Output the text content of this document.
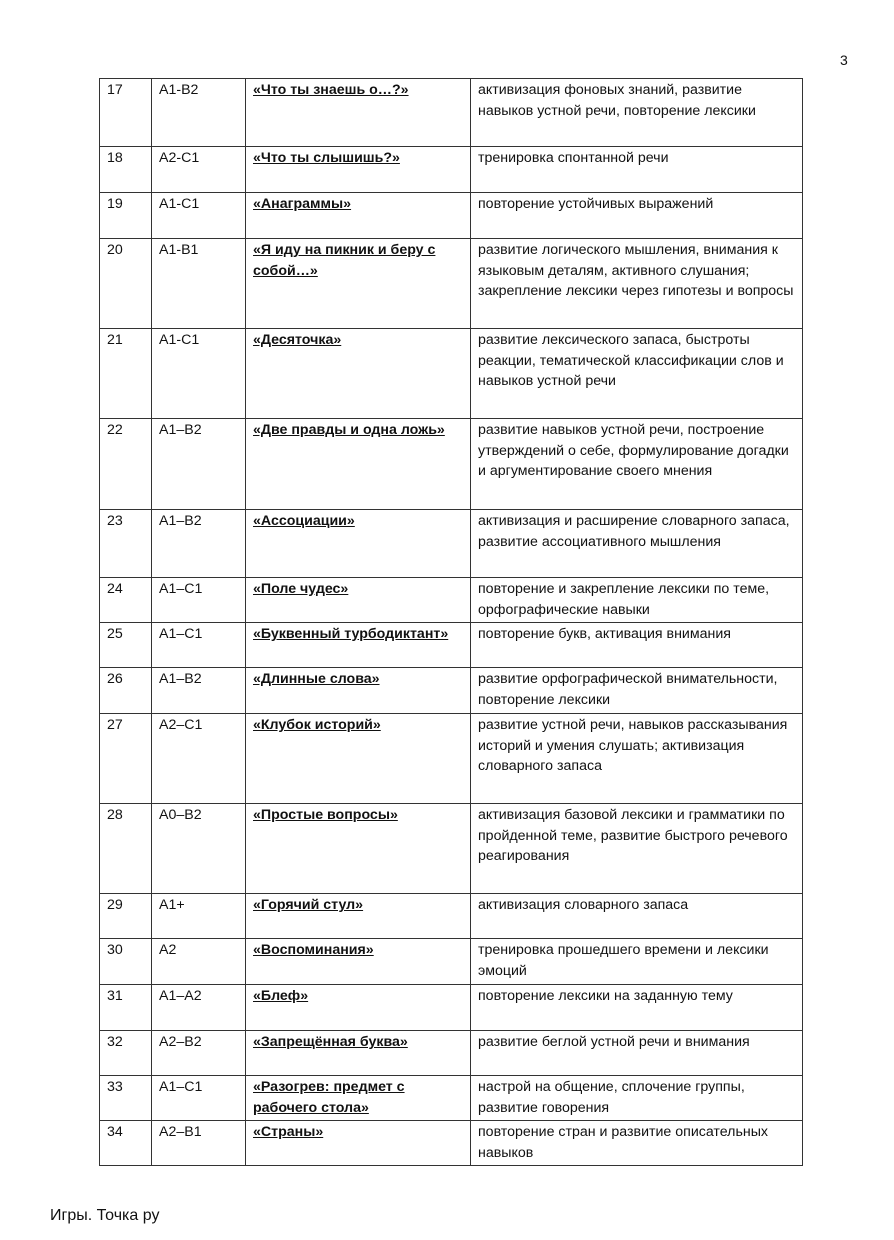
3
17	A1-B2	«Что ты знаешь о…?»	активизация фоновых знаний, развитие навыков устной речи, повторение лексики
18	A2-C1	«Что ты слышишь?»	тренировка спонтанной речи
19	A1-C1	«Анаграммы»	повторение устойчивых выражений
20	A1-B1	«Я иду на пикник и беру с собой…»	развитие логического мышления, внимания к языковым деталям, активного слушания; закрепление лексики через гипотезы и вопросы
21	A1-C1	«Десяточка»	развитие лексического запаса, быстроты реакции, тематической классификации слов и навыков устной речи
22	A1–B2	«Две правды и одна ложь»	развитие навыков устной речи, построение утверждений о себе, формулирование догадки и аргументирование своего мнения
23	A1–B2	«Ассоциации»	активизация и расширение словарного запаса, развитие ассоциативного мышления
24	A1–C1	«Поле чудес»	повторение и закрепление лексики по теме, орфографические навыки
25	A1–C1	«Буквенный турбодиктант»	повторение букв, активация внимания
26	A1–B2	«Длинные слова»	развитие орфографической внимательности, повторение лексики
27	A2–C1	«Клубок историй»	развитие устной речи, навыков рассказывания историй и умения слушать; активизация словарного запаса
28	A0–B2	«Простые вопросы»	активизация базовой лексики и грамматики по пройденной теме, развитие быстрого речевого реагирования
29	A1+	«Горячий стул»	активизация словарного запаса
30	A2	«Воспоминания»	тренировка прошедшего времени и лексики эмоций
31	A1–A2	«Блеф»	повторение лексики на заданную тему
32	A2–B2	«Запрещённая буква»	развитие беглой устной речи и внимания
33	A1–C1	«Разогрев: предмет с рабочего стола»	настрой на общение, сплочение группы, развитие говорения
34	A2–B1	«Страны»	повторение стран и развитие описательных навыков
Игры. Точка ру
